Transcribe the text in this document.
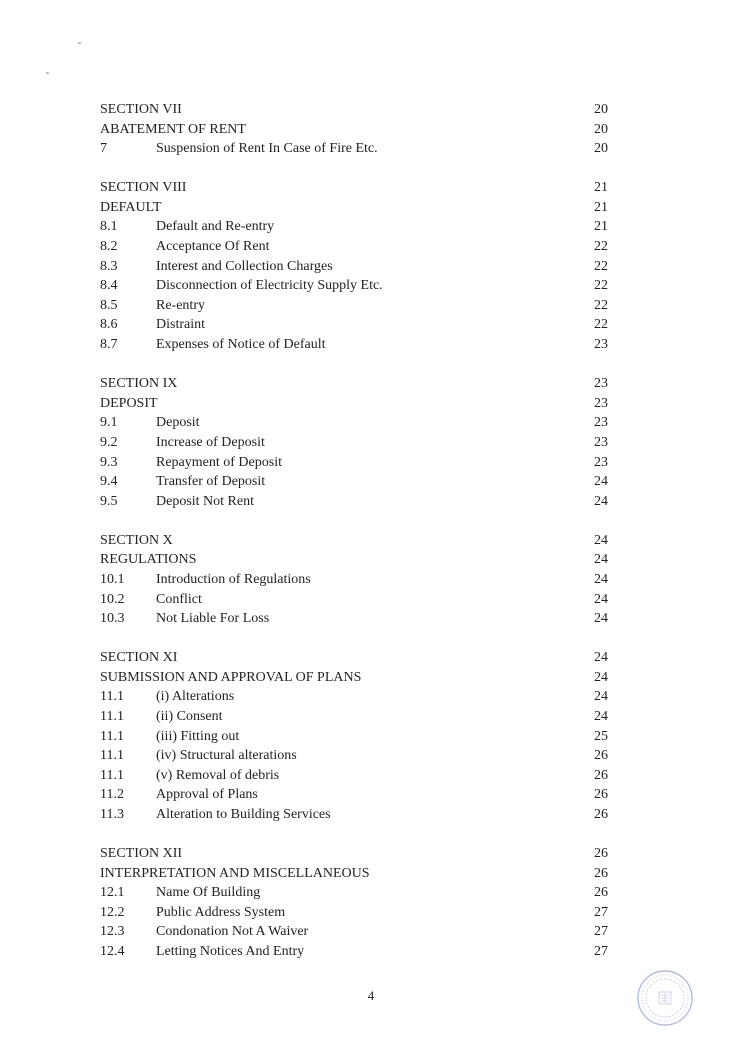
SECTION VII	20
ABATEMENT OF RENT	20
7	Suspension of Rent In Case of Fire Etc.	20
SECTION VIII	21
DEFAULT	21
8.1	Default and Re-entry	21
8.2	Acceptance Of Rent	22
8.3	Interest and Collection Charges	22
8.4	Disconnection of Electricity Supply Etc.	22
8.5	Re-entry	22
8.6	Distraint	22
8.7	Expenses of Notice of Default	23
SECTION IX	23
DEPOSIT	23
9.1	Deposit	23
9.2	Increase of Deposit	23
9.3	Repayment of Deposit	23
9.4	Transfer of Deposit	24
9.5	Deposit Not Rent	24
SECTION X	24
REGULATIONS	24
10.1 Introduction of Regulations	24
10.2 Conflict	24
10.3 Not Liable For Loss	24
SECTION XI	24
SUBMISSION AND APPROVAL OF PLANS	24
11.1 (i) Alterations	24
11.1 (ii) Consent	24
11.1 (iii) Fitting out	25
11.1 (iv) Structural alterations	26
11.1 (v) Removal of debris	26
11.2 Approval of Plans	26
11.3 Alteration to Building Services	26
SECTION XII	26
INTERPRETATION AND MISCELLANEOUS	26
12.1 Name Of Building	26
12.2 Public Address System	27
12.3 Condonation Not A Waiver	27
12.4 Letting Notices And Entry	27
4
